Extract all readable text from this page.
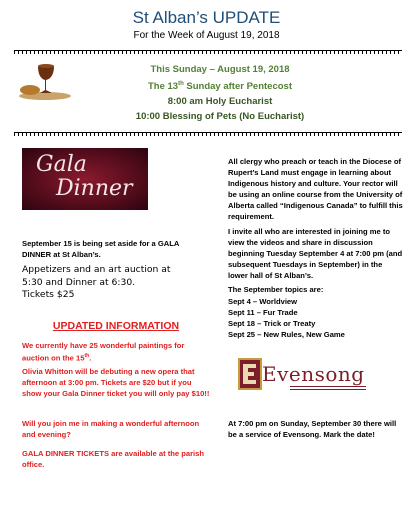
St Alban’s UPDATE
For the Week of August 19, 2018
This Sunday – August 19, 2018
The 13th Sunday after Pentecost
8:00 am Holy Eucharist
10:00 Blessing of Pets (No Eucharist)
Gala
Dinner
September 15 is being set aside for a GALA DINNER at St Alban’s.
Appetizers and an art auction at
5:30 and Dinner at 6:30.
Tickets $25
UPDATED INFORMATION
We currently have 25 wonderful paintings for auction on the 15th.
Olivia Whitton will be debuting a new opera that afternoon at 3:00 pm. Tickets are $20 but if you show your Gala Dinner ticket you will only pay $10!!
Will you join me in making a wonderful afternoon and evening?
GALA DINNER TICKETS are available at the parish office.
All clergy who preach or teach in the Diocese of Rupert’s Land must engage in learning about Indigenous history and culture. Your rector will be using an online course from the University of Alberta called “Indigenous Canada” to fulfill this requirement.
I invite all who are interested in joining me to view the videos and share in discussion beginning Tuesday September 4 at 7:00 pm (and subsequent Tuesdays in September) in the lower hall of St Alban’s.
The September topics are:
Sept 4 – Worldview
Sept 11 – Fur Trade
Sept 18 – Trick or Treaty
Sept 25 – New Rules, New Game
Evensong
At 7:00 pm on Sunday, September 30 there will be a service of Evensong. Mark the date!
